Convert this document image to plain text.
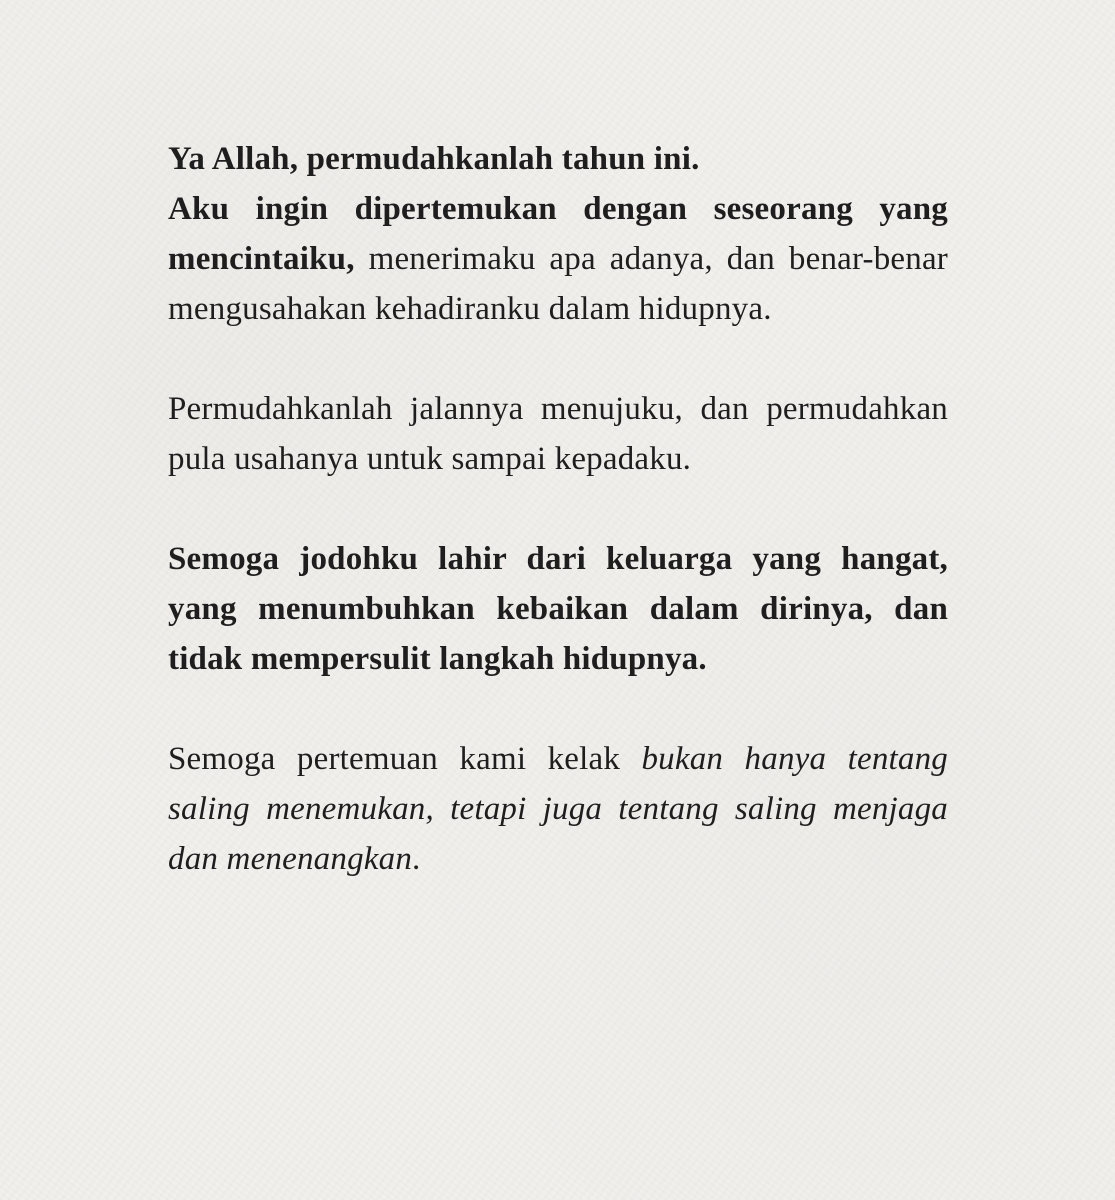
Ya Allah, permudahkanlah tahun ini.
Aku ingin dipertemukan dengan seseorang yang mencintaiku, menerimaku apa adanya, dan benar-benar mengusahakan kehadiranku dalam hidupnya.

Permudahkanlah jalannya menujuku, dan permudahkan pula usahanya untuk sampai kepadaku.

Semoga jodohku lahir dari keluarga yang hangat, yang menumbuhkan kebaikan dalam dirinya, dan tidak mempersulit langkah hidupnya.

Semoga pertemuan kami kelak bukan hanya tentang saling menemukan, tetapi juga tentang saling menjaga dan menenangkan.
